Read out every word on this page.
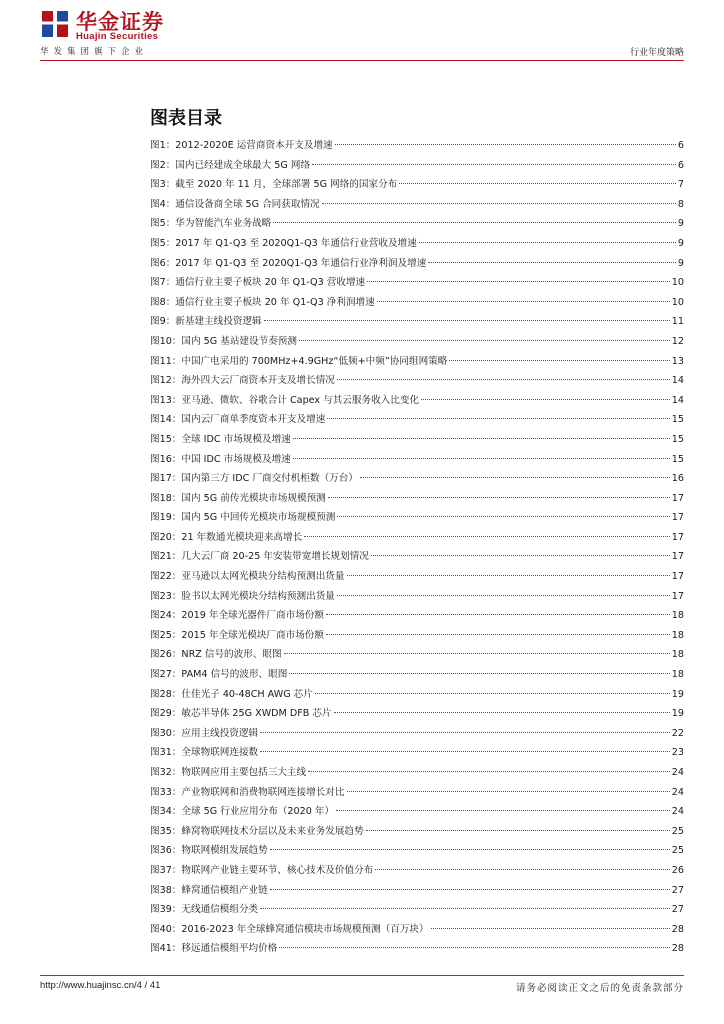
华金证券
Huajin Securities
华发集团旗下企业	行业年度策略
图表目录
图1： 2012-2020E 运营商资本开支及增速	6
图2： 国内已经建成全球最大 5G 网络	6
图3： 截至 2020 年 11 月，全球部署 5G 网络的国家分布	7
图4： 通信设备商全球 5G 合同获取情况	8
图5： 华为智能汽车业务战略	9
图5： 2017 年 Q1-Q3 至 2020Q1-Q3 年通信行业营收及增速	9
图6： 2017 年 Q1-Q3 至 2020Q1-Q3 年通信行业净利润及增速	9
图7： 通信行业主要子板块 20 年 Q1-Q3 营收增速	10
图8： 通信行业主要子板块 20 年 Q1-Q3 净利润增速	10
图9： 新基建主线投资逻辑	11
图10： 国内 5G 基站建设节奏预测	12
图11： 中国广电采用的 700MHz+4.9GHz“低频+中频”协同组网策略	13
图12： 海外四大云厂商资本开支及增长情况	14
图13： 亚马逊、微软、谷歌合计 Capex 与其云服务收入比变化	14
图14： 国内云厂商单季度资本开支及增速	15
图15： 全球 IDC 市场规模及增速	15
图16： 中国 IDC 市场规模及增速	15
图17： 国内第三方 IDC 厂商交付机柜数（万台）	16
图18： 国内 5G 前传光模块市场规模预测	17
图19： 国内 5G 中回传光模块市场规模预测	17
图20： 21 年数通光模块迎来高增长	17
图21： 几大云厂商 20-25 年安装带宽增长规划情况	17
图22： 亚马逊以太网光模块分结构预测出货量	17
图23： 脸书以太网光模块分结构预测出货量	17
图24： 2019 年全球光器件厂商市场份额	18
图25： 2015 年全球光模块厂商市场份额	18
图26： NRZ 信号的波形、眼图	18
图27： PAM4 信号的波形、眼图	18
图28： 仕佳光子 40-48CH AWG 芯片	19
图29： 敏芯半导体 25G XWDM DFB 芯片	19
图30： 应用主线投资逻辑	22
图31： 全球物联网连接数	23
图32： 物联网应用主要包括三大主线	24
图33： 产业物联网和消费物联网连接增长对比	24
图34： 全球 5G 行业应用分布（2020 年）	24
图35： 蜂窝物联网技术分层以及未来业务发展趋势	25
图36： 物联网模组发展趋势	25
图37： 物联网产业链主要环节、核心技术及价值分布	26
图38： 蜂窝通信模组产业链	27
图39： 无线通信模组分类	27
图40： 2016-2023 年全球蜂窝通信模块市场规模预测（百万块）	28
图41： 移远通信模组平均价格	28
http://www.huajinsc.cn/4 / 41	请务必阅读正文之后的免责条款部分
